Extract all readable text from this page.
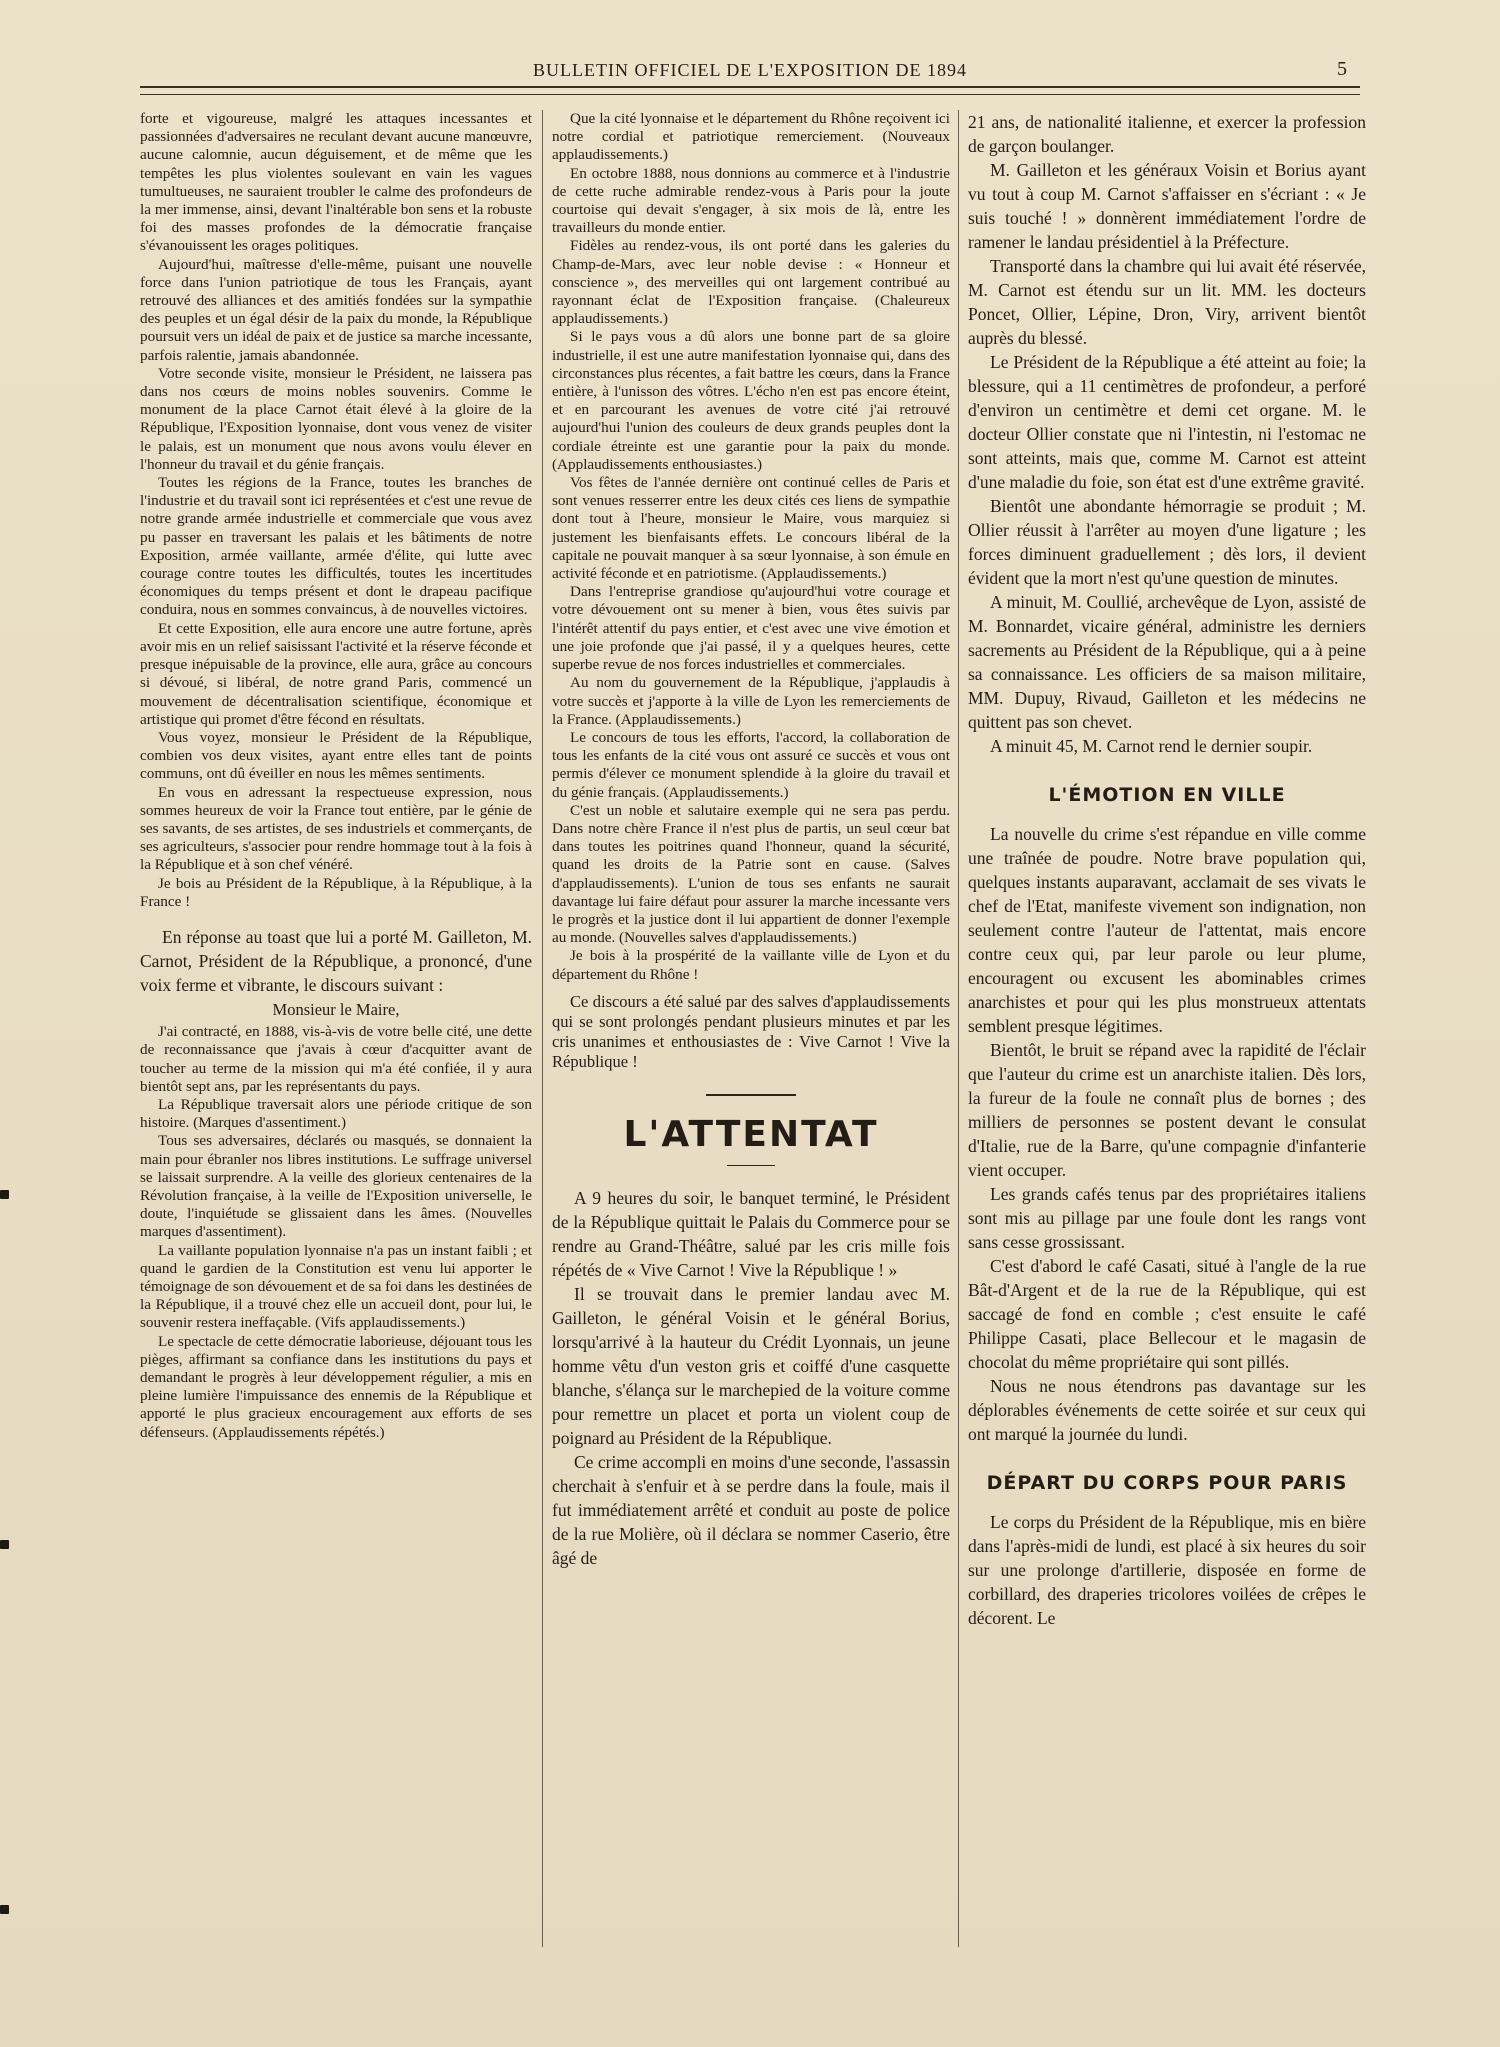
BULLETIN OFFICIEL DE L'EXPOSITION DE 1894	5

forte et vigoureuse, malgré les attaques incessantes et passionnées d'adversaires ne reculant devant aucune manœuvre, aucune calomnie, aucun déguisement, et de même que les tempêtes les plus violentes soulevant en vain les vagues tumultueuses, ne sauraient troubler le calme des profondeurs de la mer immense, ainsi, devant l'inaltérable bon sens et la robuste foi des masses profondes de la démocratie française s'évanouissent les orages politiques.

Aujourd'hui, maîtresse d'elle-même, puisant une nouvelle force dans l'union patriotique de tous les Français, ayant retrouvé des alliances et des amitiés fondées sur la sympathie des peuples et un égal désir de la paix du monde, la République poursuit vers un idéal de paix et de justice sa marche incessante, parfois ralentie, jamais abandonnée.

Votre seconde visite, monsieur le Président, ne laissera pas dans nos cœurs de moins nobles souvenirs. Comme le monument de la place Carnot était élevé à la gloire de la République, l'Exposition lyonnaise, dont vous venez de visiter le palais, est un monument que nous avons voulu élever en l'honneur du travail et du génie français.

Toutes les régions de la France, toutes les branches de l'industrie et du travail sont ici représentées et c'est une revue de notre grande armée industrielle et commerciale que vous avez pu passer en traversant les palais et les bâtiments de notre Exposition, armée vaillante, armée d'élite, qui lutte avec courage contre toutes les difficultés, toutes les incertitudes économiques du temps présent et dont le drapeau pacifique conduira, nous en sommes convaincus, à de nouvelles victoires.

Et cette Exposition, elle aura encore une autre fortune, après avoir mis en un relief saisissant l'activité et la réserve féconde et presque inépuisable de la province, elle aura, grâce au concours si dévoué, si libéral, de notre grand Paris, commencé un mouvement de décentralisation scientifique, économique et artistique qui promet d'être fécond en résultats.

Vous voyez, monsieur le Président de la République, combien vos deux visites, ayant entre elles tant de points communs, ont dû éveiller en nous les mêmes sentiments.

En vous en adressant la respectueuse expression, nous sommes heureux de voir la France tout entière, par le génie de ses savants, de ses artistes, de ses industriels et commerçants, de ses agriculteurs, s'associer pour rendre hommage tout à la fois à la République et à son chef vénéré.

Je bois au Président de la République, à la République, à la France !

En réponse au toast que lui a porté M. Gailleton, M. Carnot, Président de la République, a prononcé, d'une voix ferme et vibrante, le discours suivant :

Monsieur le Maire,

J'ai contracté, en 1888, vis-à-vis de votre belle cité, une dette de reconnaissance que j'avais à cœur d'acquitter avant de toucher au terme de la mission qui m'a été confiée, il y aura bientôt sept ans, par les représentants du pays.

La République traversait alors une période critique de son histoire. (Marques d'assentiment.)

Tous ses adversaires, déclarés ou masqués, se donnaient la main pour ébranler nos libres institutions. Le suffrage universel se laissait surprendre. A la veille des glorieux centenaires de la Révolution française, à la veille de l'Exposition universelle, le doute, l'inquiétude se glissaient dans les âmes. (Nouvelles marques d'assentiment).

La vaillante population lyonnaise n'a pas un instant faibli ; et quand le gardien de la Constitution est venu lui apporter le témoignage de son dévouement et de sa foi dans les destinées de la République, il a trouvé chez elle un accueil dont, pour lui, le souvenir restera ineffaçable. (Vifs applaudissements.)

Le spectacle de cette démocratie laborieuse, déjouant tous les pièges, affirmant sa confiance dans les institutions du pays et demandant le progrès à leur développement régulier, a mis en pleine lumière l'impuissance des ennemis de la République et apporté le plus gracieux encouragement aux efforts de ses défenseurs. (Applaudissements répétés.)

Que la cité lyonnaise et le département du Rhône reçoivent ici notre cordial et patriotique remerciement. (Nouveaux applaudissements.)

En octobre 1888, nous donnions au commerce et à l'industrie de cette ruche admirable rendez-vous à Paris pour la joute courtoise qui devait s'engager, à six mois de là, entre les travailleurs du monde entier.

Fidèles au rendez-vous, ils ont porté dans les galeries du Champ-de-Mars, avec leur noble devise : « Honneur et conscience », des merveilles qui ont largement contribué au rayonnant éclat de l'Exposition française. (Chaleureux applaudissements.)

Si le pays vous a dû alors une bonne part de sa gloire industrielle, il est une autre manifestation lyonnaise qui, dans des circonstances plus récentes, a fait battre les cœurs, dans la France entière, à l'unisson des vôtres. L'écho n'en est pas encore éteint, et en parcourant les avenues de votre cité j'ai retrouvé aujourd'hui l'union des couleurs de deux grands peuples dont la cordiale étreinte est une garantie pour la paix du monde. (Applaudissements enthousiastes.)

Vos fêtes de l'année dernière ont continué celles de Paris et sont venues resserrer entre les deux cités ces liens de sympathie dont tout à l'heure, monsieur le Maire, vous marquiez si justement les bienfaisants effets. Le concours libéral de la capitale ne pouvait manquer à sa sœur lyonnaise, à son émule en activité féconde et en patriotisme. (Applaudissements.)

Dans l'entreprise grandiose qu'aujourd'hui votre courage et votre dévouement ont su mener à bien, vous êtes suivis par l'intérêt attentif du pays entier, et c'est avec une vive émotion et une joie profonde que j'ai passé, il y a quelques heures, cette superbe revue de nos forces industrielles et commerciales.

Au nom du gouvernement de la République, j'applaudis à votre succès et j'apporte à la ville de Lyon les remerciements de la France. (Applaudissements.)

Le concours de tous les efforts, l'accord, la collaboration de tous les enfants de la cité vous ont assuré ce succès et vous ont permis d'élever ce monument splendide à la gloire du travail et du génie français. (Applaudissements.)

C'est un noble et salutaire exemple qui ne sera pas perdu. Dans notre chère France il n'est plus de partis, un seul cœur bat dans toutes les poitrines quand l'honneur, quand la sécurité, quand les droits de la Patrie sont en cause. (Salves d'applaudissements). L'union de tous ses enfants ne saurait davantage lui faire défaut pour assurer la marche incessante vers le progrès et la justice dont il lui appartient de donner l'exemple au monde. (Nouvelles salves d'applaudissements.)

Je bois à la prospérité de la vaillante ville de Lyon et du département du Rhône !

Ce discours a été salué par des salves d'applaudissements qui se sont prolongés pendant plusieurs minutes et par les cris unanimes et enthousiastes de : Vive Carnot ! Vive la République !

L'ATTENTAT

A 9 heures du soir, le banquet terminé, le Président de la République quittait le Palais du Commerce pour se rendre au Grand-Théâtre, salué par les cris mille fois répétés de « Vive Carnot ! Vive la République ! »

Il se trouvait dans le premier landau avec M. Gailleton, le général Voisin et le général Borius, lorsqu'arrivé à la hauteur du Crédit Lyonnais, un jeune homme vêtu d'un veston gris et coiffé d'une casquette blanche, s'élança sur le marchepied de la voiture comme pour remettre un placet et porta un violent coup de poignard au Président de la République.

Ce crime accompli en moins d'une seconde, l'assassin cherchait à s'enfuir et à se perdre dans la foule, mais il fut immédiatement arrêté et conduit au poste de police de la rue Molière, où il déclara se nommer Caserio, être âgé de

21 ans, de nationalité italienne, et exercer la profession de garçon boulanger.

M. Gailleton et les généraux Voisin et Borius ayant vu tout à coup M. Carnot s'affaisser en s'écriant : « Je suis touché ! » donnèrent immédiatement l'ordre de ramener le landau présidentiel à la Préfecture.

Transporté dans la chambre qui lui avait été réservée, M. Carnot est étendu sur un lit. MM. les docteurs Poncet, Ollier, Lépine, Dron, Viry, arrivent bientôt auprès du blessé.

Le Président de la République a été atteint au foie; la blessure, qui a 11 centimètres de profondeur, a perforé d'environ un centimètre et demi cet organe. M. le docteur Ollier constate que ni l'intestin, ni l'estomac ne sont atteints, mais que, comme M. Carnot est atteint d'une maladie du foie, son état est d'une extrême gravité.

Bientôt une abondante hémorragie se produit ; M. Ollier réussit à l'arrêter au moyen d'une ligature ; les forces diminuent graduellement ; dès lors, il devient évident que la mort n'est qu'une question de minutes.

A minuit, M. Coullié, archevêque de Lyon, assisté de M. Bonnardet, vicaire général, administre les derniers sacrements au Président de la République, qui a à peine sa connaissance. Les officiers de sa maison militaire, MM. Dupuy, Rivaud, Gailleton et les médecins ne quittent pas son chevet.

A minuit 45, M. Carnot rend le dernier soupir.

L'ÉMOTION EN VILLE

La nouvelle du crime s'est répandue en ville comme une traînée de poudre. Notre brave population qui, quelques instants auparavant, acclamait de ses vivats le chef de l'Etat, manifeste vivement son indignation, non seulement contre l'auteur de l'attentat, mais encore contre ceux qui, par leur parole ou leur plume, encouragent ou excusent les abominables crimes anarchistes et pour qui les plus monstrueux attentats semblent presque légitimes.

Bientôt, le bruit se répand avec la rapidité de l'éclair que l'auteur du crime est un anarchiste italien. Dès lors, la fureur de la foule ne connaît plus de bornes ; des milliers de personnes se postent devant le consulat d'Italie, rue de la Barre, qu'une compagnie d'infanterie vient occuper.

Les grands cafés tenus par des propriétaires italiens sont mis au pillage par une foule dont les rangs vont sans cesse grossissant.

C'est d'abord le café Casati, situé à l'angle de la rue Bât-d'Argent et de la rue de la République, qui est saccagé de fond en comble ; c'est ensuite le café Philippe Casati, place Bellecour et le magasin de chocolat du même propriétaire qui sont pillés.

Nous ne nous étendrons pas davantage sur les déplorables événements de cette soirée et sur ceux qui ont marqué la journée du lundi.

DÉPART DU CORPS POUR PARIS

Le corps du Président de la République, mis en bière dans l'après-midi de lundi, est placé à six heures du soir sur une prolonge d'artillerie, disposée en forme de corbillard, des draperies tricolores voilées de crêpes le décorent. Le
